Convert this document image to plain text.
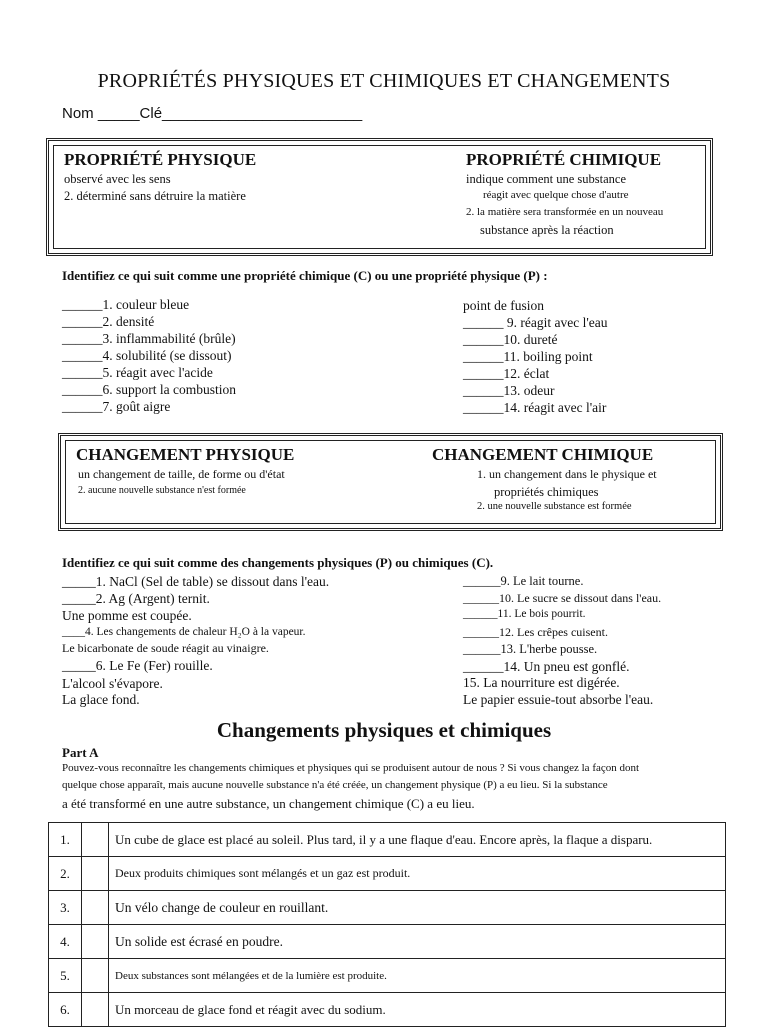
PROPRIÉTÉS PHYSIQUES ET CHIMIQUES ET CHANGEMENTS
Nom _____Clé________________________
PROPRIÉTÉ PHYSIQUE
observé avec les sens
2. déterminé sans détruire la matière
PROPRIÉTÉ CHIMIQUE
indique comment une substance
réagit avec quelque chose d'autre
2. la matière sera transformée en un nouveau
substance après la réaction
Identifiez ce qui suit comme une propriété chimique (C) ou une propriété physique (P) :
______1. couleur bleue
______2. densité
______3. inflammabilité (brûle)
______4. solubilité (se dissout)
______5. réagit avec l'acide
______6. support la combustion
______7. goût aigre
point de fusion
______ 9. réagit avec l'eau
______10. dureté
______11. boiling point
______12. éclat
______13. odeur
______14. réagit avec l'air
CHANGEMENT PHYSIQUE
un changement de taille, de forme ou d'état
2. aucune nouvelle substance n'est formée
CHANGEMENT CHIMIQUE
1. un changement dans le physique et
propriétés chimiques
2. une nouvelle substance est formée
Identifiez ce qui suit comme des changements physiques (P) ou chimiques (C).
_____1. NaCl (Sel de table) se dissout dans l'eau.
_____2. Ag (Argent) ternit.
Une pomme est coupée.
____4. Les changements de chaleur H₂O à la vapeur.
Le bicarbonate de soude réagit au vinaigre.
_____6. Le Fe (Fer) rouille.
L'alcool s'évapore.
La glace fond.
______9. Le lait tourne.
______10. Le sucre se dissout dans l'eau.
______11. Le bois pourrit.
______12. Les crêpes cuisent.
______13. L'herbe pousse.
______14. Un pneu est gonflé.
15. La nourriture est digérée.
Le papier essuie-tout absorbe l'eau.
Changements physiques et chimiques
Part A
Pouvez-vous reconnaître les changements chimiques et physiques qui se produisent autour de nous ? Si vous changez la façon dont
quelque chose apparaît, mais aucune nouvelle substance n'a été créée, un changement physique (P) a eu lieu. Si la substance
a été transformé en une autre substance, un changement chimique (C) a eu lieu.
1.		Un cube de glace est placé au soleil. Plus tard, il y a une flaque d'eau. Encore après, la flaque a disparu.
2.		Deux produits chimiques sont mélangés et un gaz est produit.
3.		Un vélo change de couleur en rouillant.
4.		Un solide est écrasé en poudre.
5.		Deux substances sont mélangées et de la lumière est produite.
6.		Un morceau de glace fond et réagit avec du sodium.
